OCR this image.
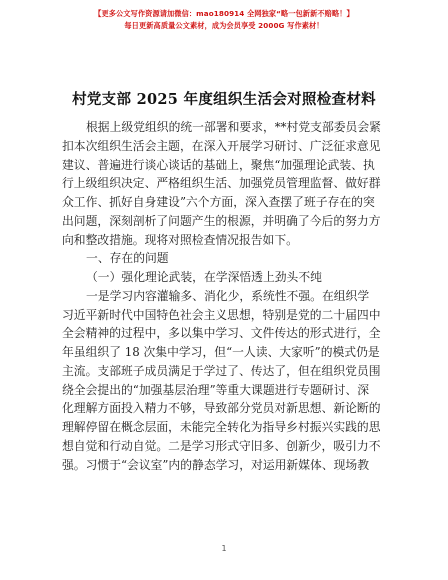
【更多公文写作资源请加微信：mao180914 全网独家“略一包新新不赔略！】
每日更新高质量公文素材，成为会员享受 2000G 写作素材！
村党支部 2025 年度组织生活会对照检查材料
根据上级党组织的统一部署和要求，**村党支部委员会紧
扣本次组织生活会主题，在深入开展学习研讨、广泛征求意见
建议、普遍进行谈心谈话的基础上，聚焦“加强理论武装、执
行上级组织决定、严格组织生活、加强党员管理监督、做好群
众工作、抓好自身建设”六个方面，深入查摆了班子存在的突
出问题，深刻剖析了问题产生的根源，并明确了今后的努力方
向和整改措施。现将对照检查情况报告如下。
一、存在的问题
（一）强化理论武装，在学深悟透上劲头不纯
一是学习内容灌输多、消化少，系统性不强。在组织学
习近平新时代中国特色社会主义思想，特别是党的二十届四中
全会精神的过程中，多以集中学习、文件传达的形式进行，全
年虽组织了 18 次集中学习，但“一人读、大家听”的模式仍是
主流。支部班子成员满足于学过了、传达了，但在组织党员围
绕全会提出的“加强基层治理”等重大课题进行专题研讨、深
化理解方面投入精力不够，导致部分党员对新思想、新论断的
理解停留在概念层面，未能完全转化为指导乡村振兴实践的思
想自觉和行动自觉。二是学习形式守旧多、创新少，吸引力不
强。习惯于“会议室”内的静态学习，对运用新媒体、现场教
1
